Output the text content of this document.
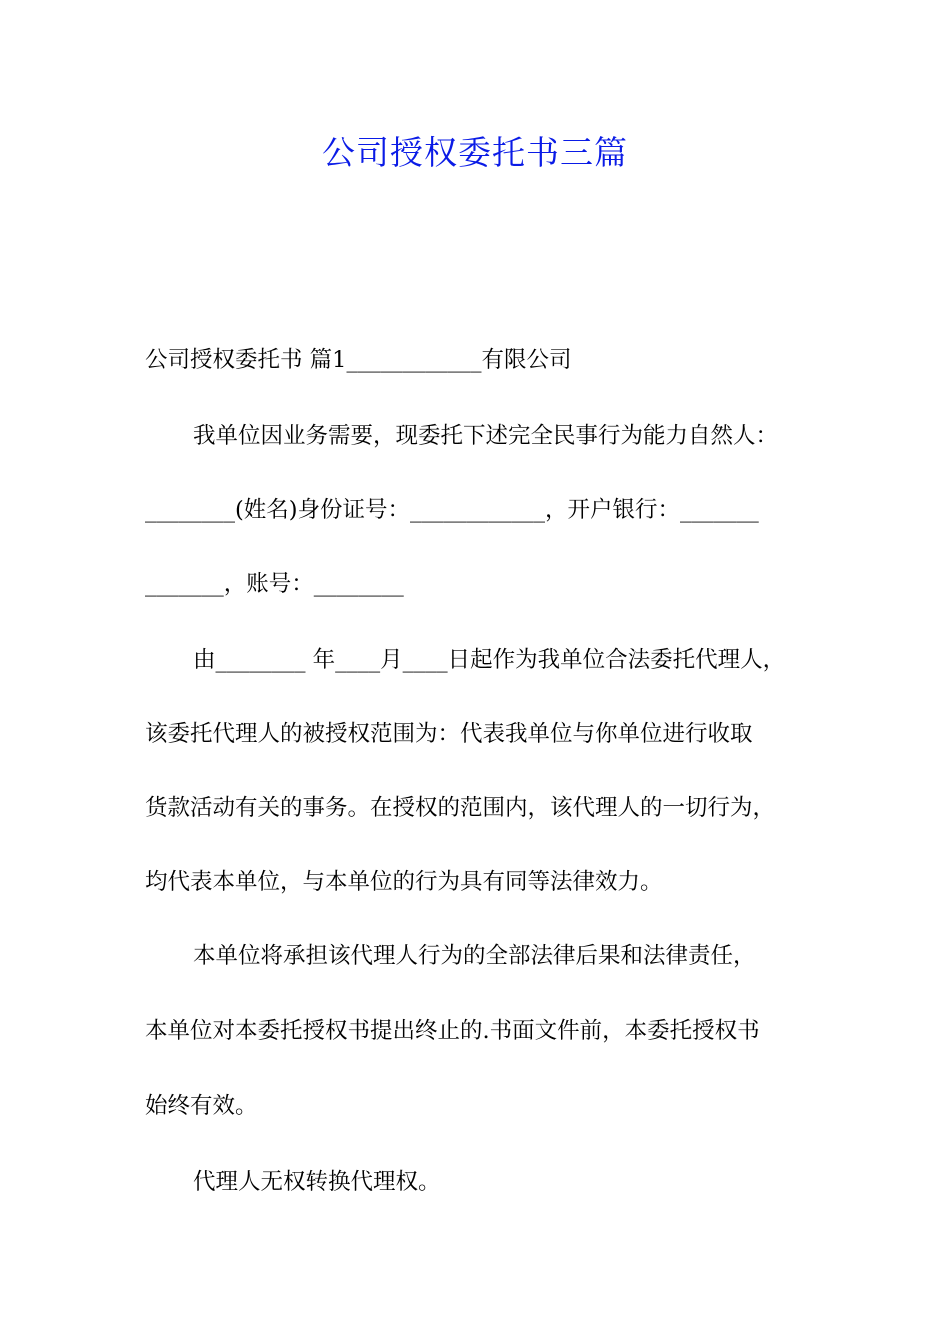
公司授权委托书三篇
公司授权委托书 篇1____________有限公司
我单位因业务需要，现委托下述完全民事行为能力自然人：
________(姓名)身份证号：____________，开户银行：_______
_______，账号：________
由________ 年____月____日起作为我单位合法委托代理人，
该委托代理人的被授权范围为：代表我单位与你单位进行收取
货款活动有关的事务。在授权的范围内，该代理人的一切行为，
均代表本单位，与本单位的行为具有同等法律效力。
本单位将承担该代理人行为的全部法律后果和法律责任，
本单位对本委托授权书提出终止的.书面文件前，本委托授权书
始终有效。
代理人无权转换代理权。
